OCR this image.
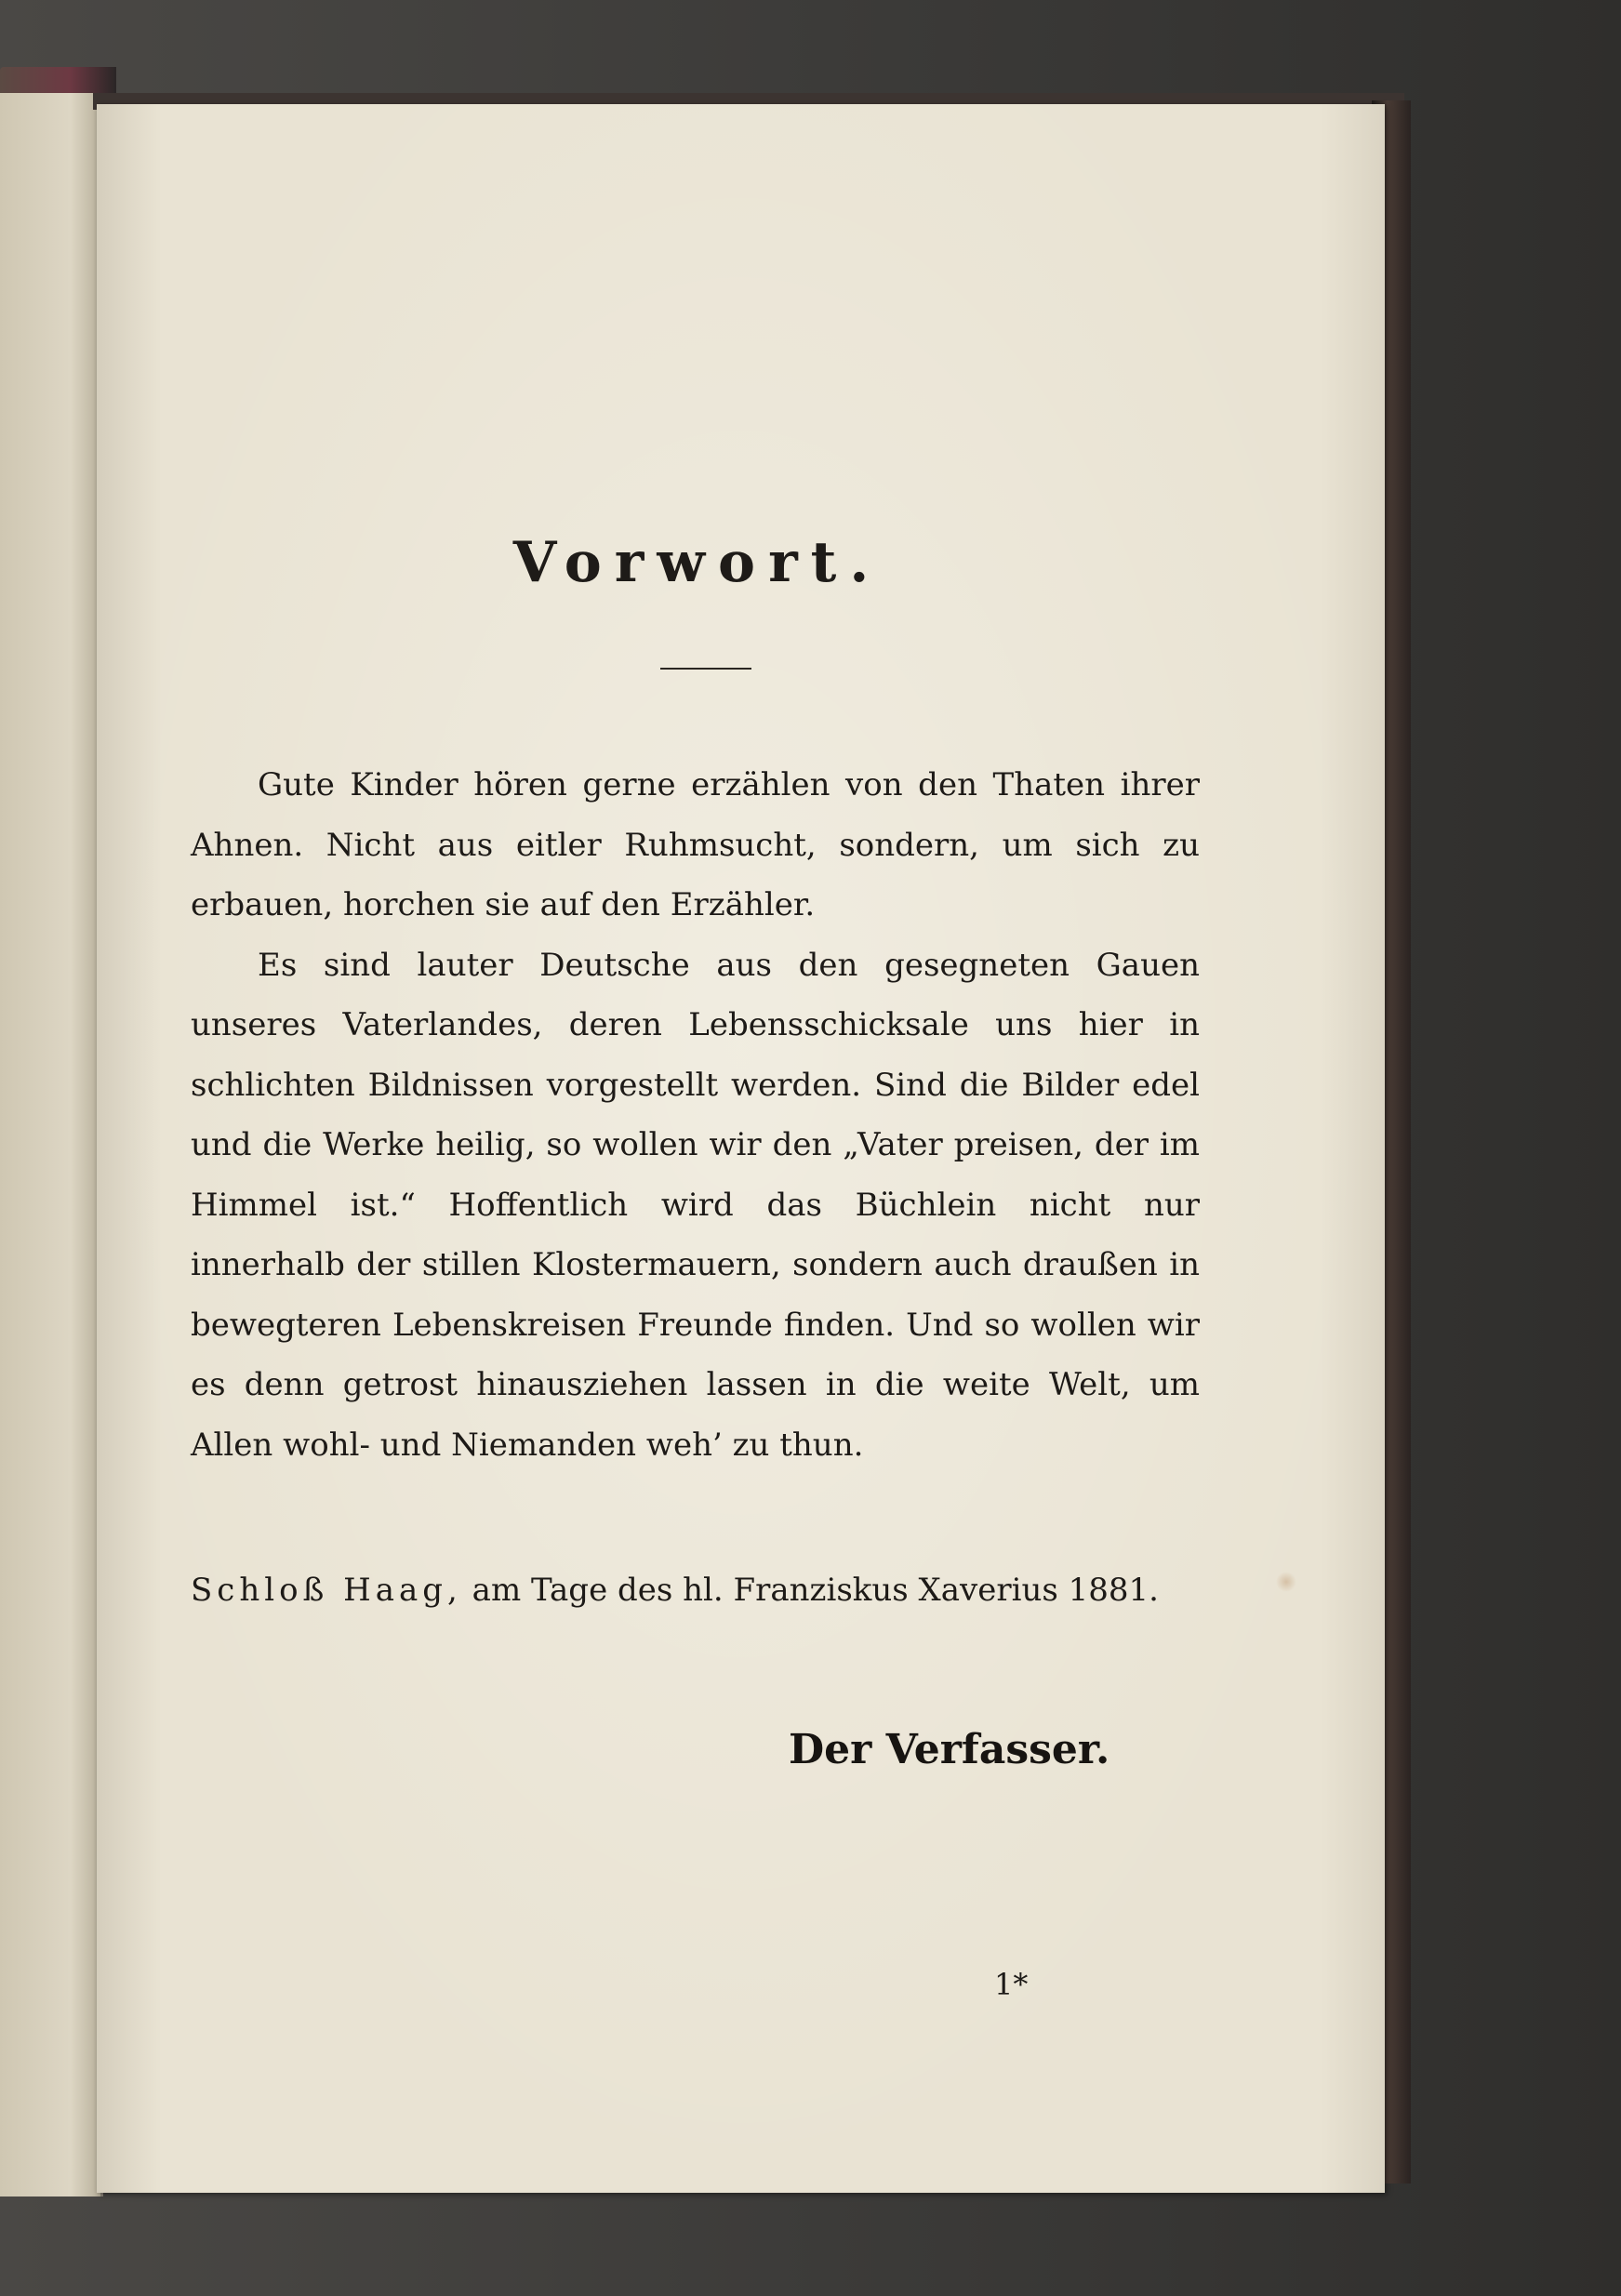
Vorwort.

Gute Kinder hören gerne erzählen von den Thaten ihrer Ahnen. Nicht aus eitler Ruhmsucht, sondern, um sich zu erbauen, horchen sie auf den Erzähler.

Es sind lauter Deutsche aus den gesegneten Gauen unseres Vaterlandes, deren Lebensschicksale uns hier in schlichten Bildnissen vorgestellt werden. Sind die Bilder edel und die Werke heilig, so wollen wir den „Vater preisen, der im Himmel ist.“ Hoffentlich wird das Büchlein nicht nur innerhalb der stillen Klostermauern, sondern auch draußen in bewegteren Lebenskreisen Freunde finden. Und so wollen wir es denn getrost hinausziehen lassen in die weite Welt, um Allen wohl- und Niemanden weh’ zu thun.

Schloß Haag, am Tage des hl. Franziskus Xaverius 1881.
Der Verfasser.
1*
